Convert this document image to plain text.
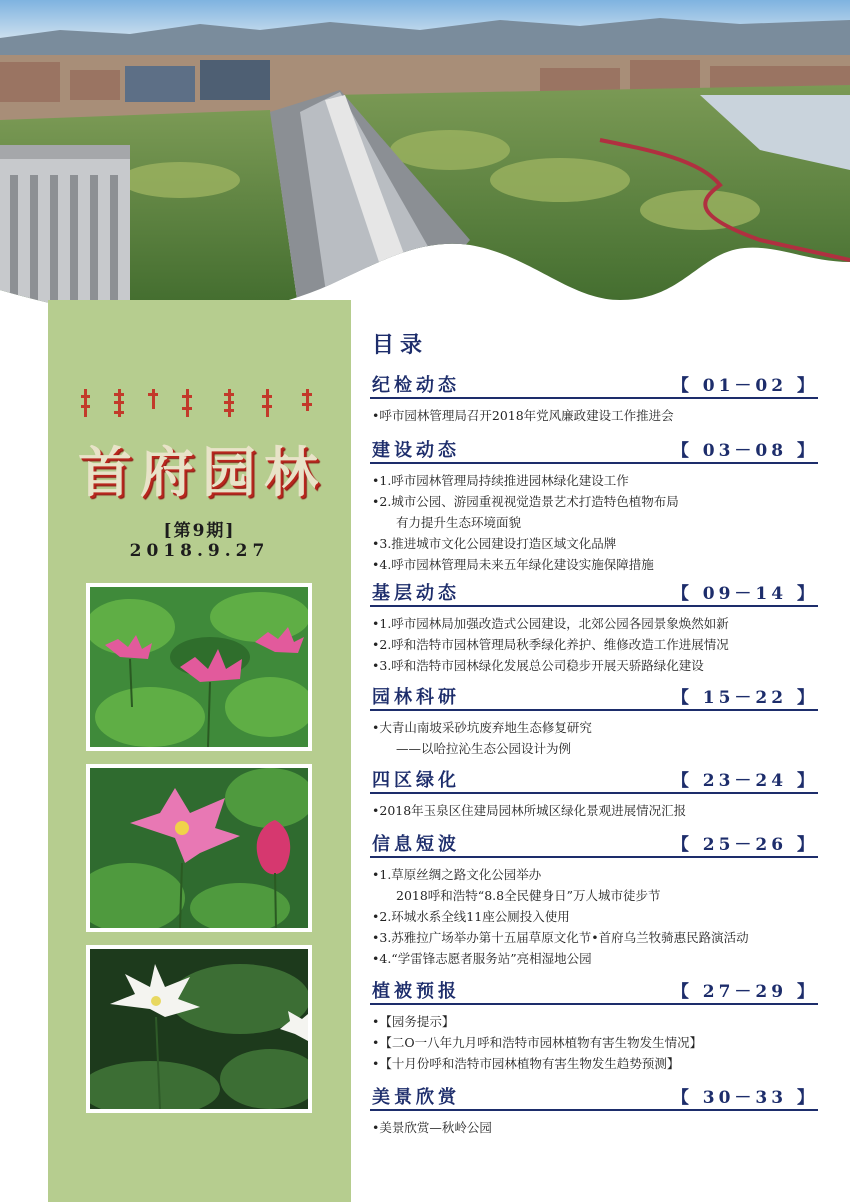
首府园林
[第9期]
2018.9.27
目录
纪检动态	【 01－02 】
•呼市园林管理局召开2018年党风廉政建设工作推进会
建设动态	【 03－08 】
•1.呼市园林管理局持续推进园林绿化建设工作
•2.城市公园、游园重视视觉造景艺术打造特色植物布局
有力提升生态环境面貌
•3.推进城市文化公园建设打造区域文化品牌
•4.呼市园林管理局未来五年绿化建设实施保障措施
基层动态	【 09－14 】
•1.呼市园林局加强改造式公园建设，北郊公园各园景象焕然如新
•2.呼和浩特市园林管理局秋季绿化养护、维修改造工作进展情况
•3.呼和浩特市园林绿化发展总公司稳步开展天骄路绿化建设
园林科研	【 15－22 】
•大青山南坡采砂坑废弃地生态修复研究
——以哈拉沁生态公园设计为例
四区绿化	【 23－24 】
•2018年玉泉区住建局园林所城区绿化景观进展情况汇报
信息短波	【 25－26 】
•1.草原丝绸之路文化公园举办
2018呼和浩特“8.8全民健身日”万人城市徒步节
•2.环城水系全线11座公厕投入使用
•3.苏雅拉广场举办第十五届草原文化节•首府乌兰牧骑惠民路演活动
•4.“学雷锋志愿者服务站”亮相湿地公园
植被预报	【 27－29 】
•【园务提示】
•【二O一八年九月呼和浩特市园林植物有害生物发生情况】
•【十月份呼和浩特市园林植物有害生物发生趋势预测】
美景欣赏	【 30－33 】
•美景欣赏—秋岭公园
